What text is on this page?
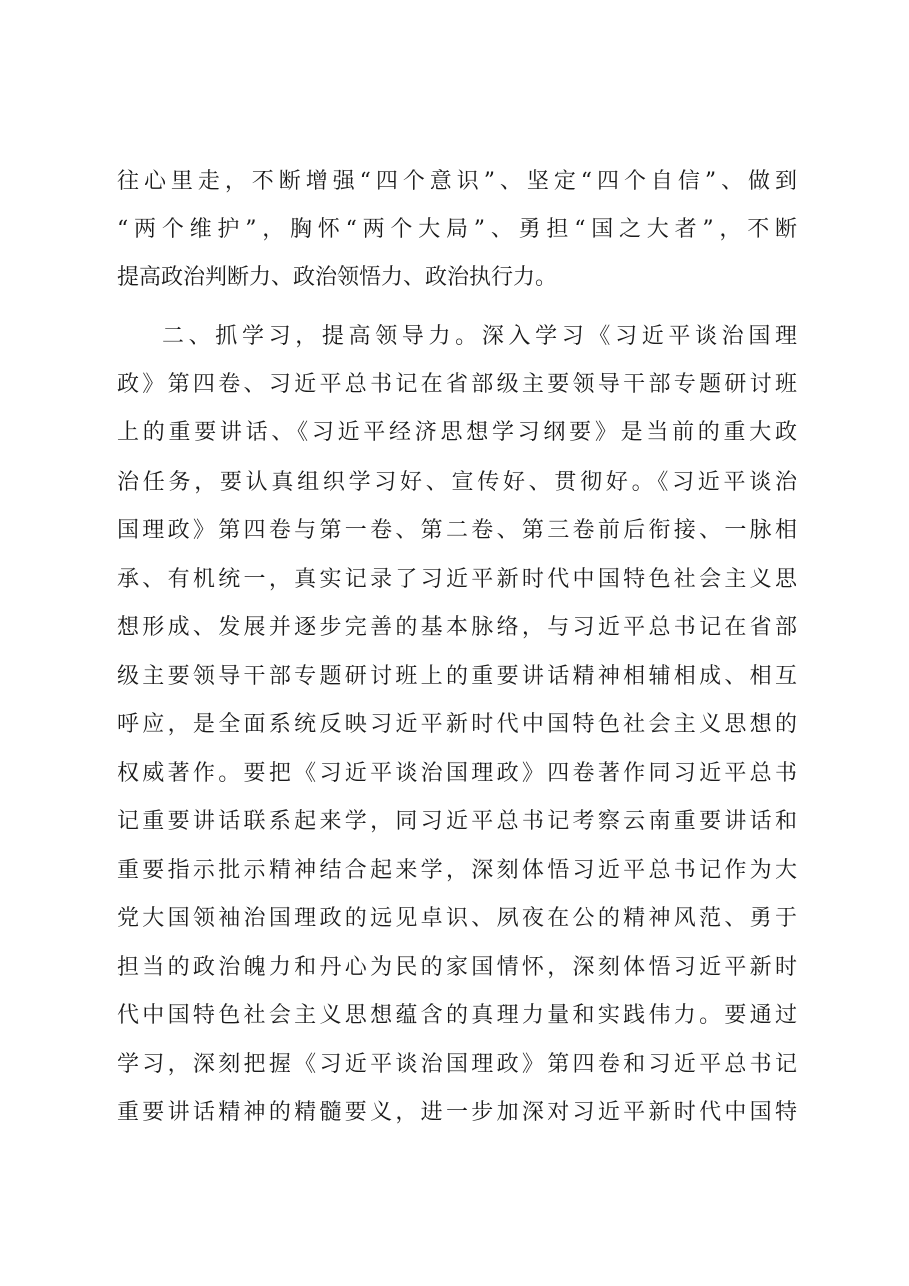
往心里走，不断增强“四个意识”、坚定“四个自信”、做到
“两个维护”，胸怀“两个大局”、勇担“国之大者”，不断
提高政治判断力、政治领悟力、政治执行力。
二、抓学习，提高领导力。深入学习《习近平谈治国理
政》第四卷、习近平总书记在省部级主要领导干部专题研讨班
上的重要讲话、《习近平经济思想学习纲要》是当前的重大政
治任务，要认真组织学习好、宣传好、贯彻好。《习近平谈治
国理政》第四卷与第一卷、第二卷、第三卷前后衔接、一脉相
承、有机统一，真实记录了习近平新时代中国特色社会主义思
想形成、发展并逐步完善的基本脉络，与习近平总书记在省部
级主要领导干部专题研讨班上的重要讲话精神相辅相成、相互
呼应，是全面系统反映习近平新时代中国特色社会主义思想的
权威著作。要把《习近平谈治国理政》四卷著作同习近平总书
记重要讲话联系起来学，同习近平总书记考察云南重要讲话和
重要指示批示精神结合起来学，深刻体悟习近平总书记作为大
党大国领袖治国理政的远见卓识、夙夜在公的精神风范、勇于
担当的政治魄力和丹心为民的家国情怀，深刻体悟习近平新时
代中国特色社会主义思想蕴含的真理力量和实践伟力。要通过
学习，深刻把握《习近平谈治国理政》第四卷和习近平总书记
重要讲话精神的精髓要义，进一步加深对习近平新时代中国特
